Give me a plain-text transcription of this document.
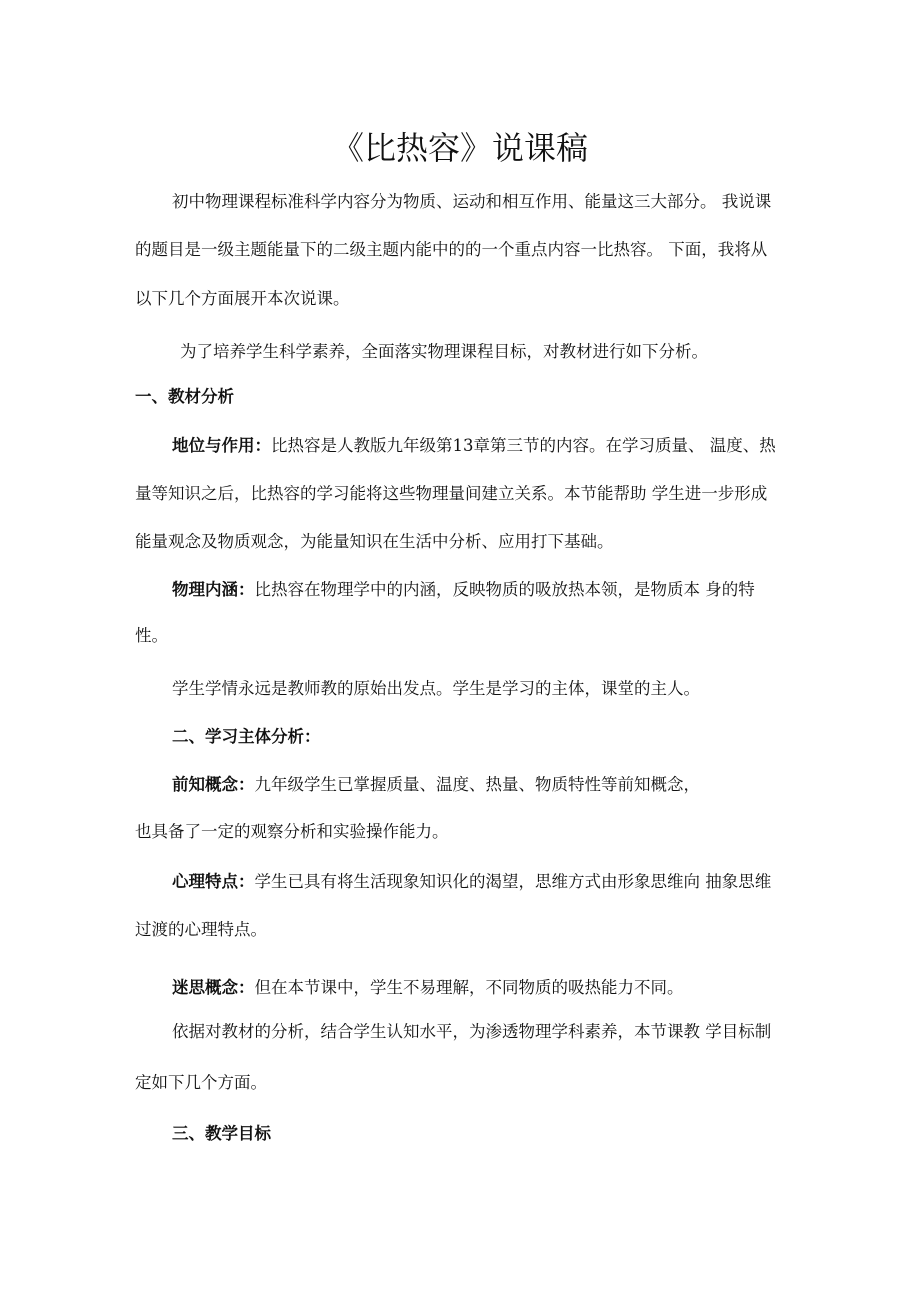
《比热容》说课稿
初中物理课程标准科学内容分为物质、运动和相互作用、能量这三大部分。 我说课
的题目是一级主题能量下的二级主题内能中的的一个重点内容一比热容。 下面，我将从
以下几个方面展开本次说课。
为了培养学生科学素养，全面落实物理课程目标，对教材进行如下分析。
一、教材分析
地位与作用：比热容是人教版九年级第13章第三节的内容。在学习质量、 温度、热
量等知识之后，比热容的学习能将这些物理量间建立关系。本节能帮助 学生进一步形成
能量观念及物质观念，为能量知识在生活中分析、应用打下基础。
物理内涵：比热容在物理学中的内涵，反映物质的吸放热本领，是物质本 身的特
性。
学生学情永远是教师教的原始出发点。学生是学习的主体，课堂的主人。
二、学习主体分析：
前知概念：九年级学生已掌握质量、温度、热量、物质特性等前知概念，
也具备了一定的观察分析和实验操作能力。
心理特点：学生已具有将生活现象知识化的渴望，思维方式由形象思维向 抽象思维
过渡的心理特点。
迷思概念：但在本节课中，学生不易理解，不同物质的吸热能力不同。
依据对教材的分析，结合学生认知水平，为渗透物理学科素养，本节课教 学目标制
定如下几个方面。
三、教学目标
